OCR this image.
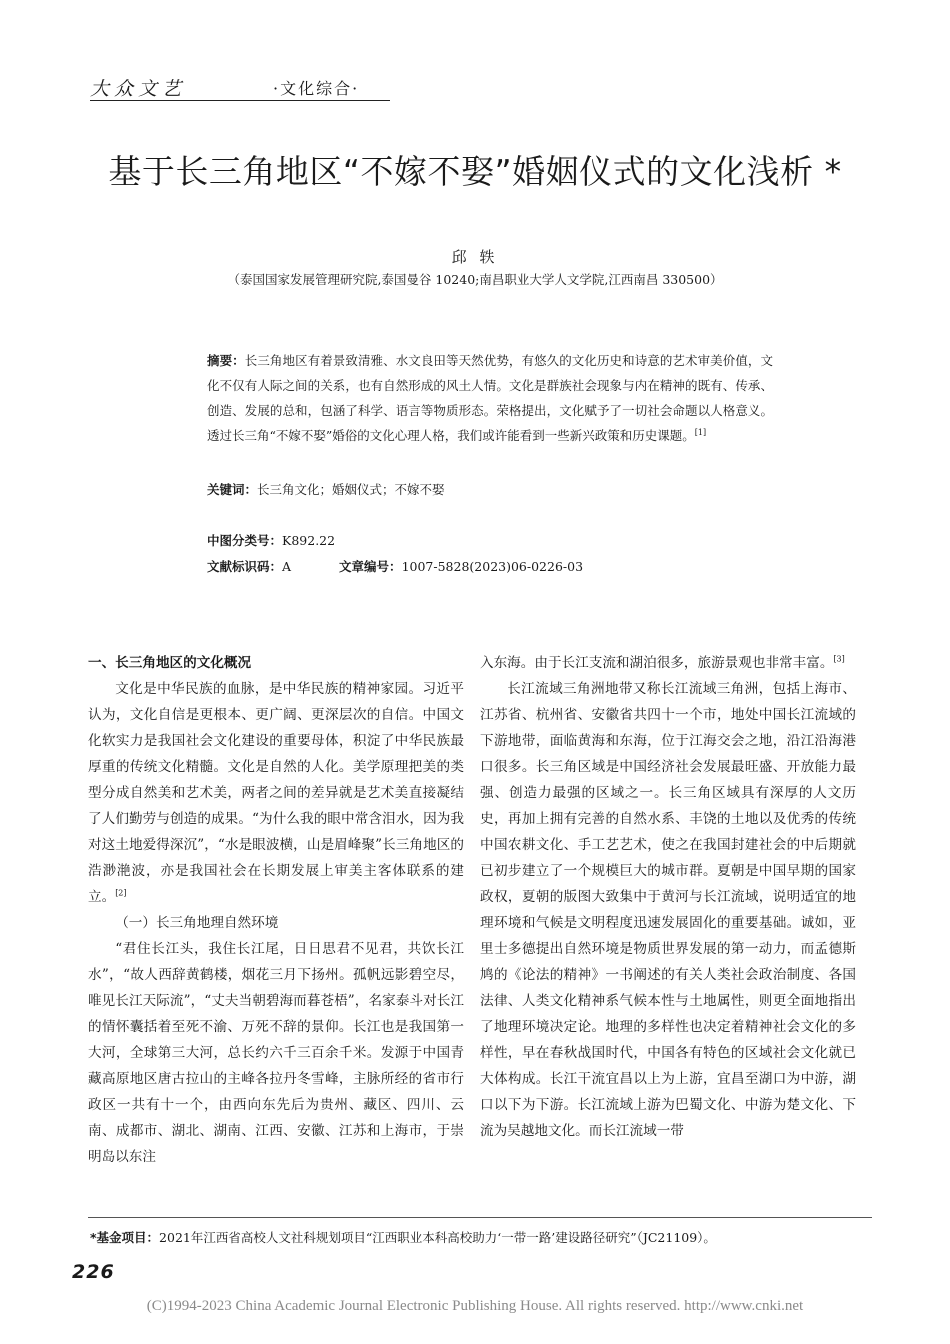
大众文艺	·文化综合·
基于长三角地区“不嫁不娶”婚姻仪式的文化浅析 *
邱 轶
（泰国国家发展管理研究院,泰国曼谷 10240;南昌职业大学人文学院,江西南昌 330500）
摘要：长三角地区有着景致清雅、水文良田等天然优势，有悠久的文化历史和诗意的艺术审美价值，文化不仅有人际之间的关系，也有自然形成的风土人情。文化是群族社会现象与内在精神的既有、传承、创造、发展的总和，包涵了科学、语言等物质形态。荣格提出，文化赋予了一切社会命题以人格意义。透过长三角“不嫁不娶”婚俗的文化心理人格，我们或许能看到一些新兴政策和历史课题。[1]
关键词：长三角文化；婚姻仪式；不嫁不娶
中图分类号：K892.22
文献标识码：A	文章编号：1007-5828(2023)06-0226-03
一、长三角地区的文化概况

文化是中华民族的血脉，是中华民族的精神家园。习近平认为，文化自信是更根本、更广阔、更深层次的自信。中国文化软实力是我国社会文化建设的重要母体，积淀了中华民族最厚重的传统文化精髓。文化是自然的人化。美学原理把美的类型分成自然美和艺术美，两者之间的差异就是艺术美直接凝结了人们勤劳与创造的成果。“为什么我的眼中常含泪水，因为我对这土地爱得深沉”，“水是眼波横，山是眉峰聚”长三角地区的浩渺滟波，亦是我国社会在长期发展上审美主客体联系的建立。[2]

（一）长三角地理自然环境

“君住长江头，我住长江尾，日日思君不见君，共饮长江水”，“故人西辞黄鹤楼，烟花三月下扬州。孤帆远影碧空尽，唯见长江天际流”，“丈夫当朝碧海而暮苍梧”，名家泰斗对长江的情怀囊括着至死不渝、万死不辞的景仰。长江也是我国第一大河，全球第三大河，总长约六千三百余千米。发源于中国青藏高原地区唐古拉山的主峰各拉丹冬雪峰，主脉所经的省市行政区一共有十一个，由西向东先后为贵州、藏区、四川、云南、成都市、湖北、湖南、江西、安徽、江苏和上海市，于崇明岛以东注

入东海。由于长江支流和湖泊很多，旅游景观也非常丰富。[3]

长江流域三角洲地带又称长江流域三角洲，包括上海市、江苏省、杭州省、安徽省共四十一个市，地处中国长江流域的下游地带，面临黄海和东海，位于江海交会之地，沿江沿海港口很多。长三角区域是中国经济社会发展最旺盛、开放能力最强、创造力最强的区域之一。长三角区域具有深厚的人文历史，再加上拥有完善的自然水系、丰饶的土地以及优秀的传统中国农耕文化、手工艺艺术，使之在我国封建社会的中后期就已初步建立了一个规模巨大的城市群。夏朝是中国早期的国家政权，夏朝的版图大致集中于黄河与长江流域，说明适宜的地理环境和气候是文明程度迅速发展固化的重要基础。诚如，亚里士多德提出自然环境是物质世界发展的第一动力，而孟德斯鸠的《论法的精神》一书阐述的有关人类社会政治制度、各国法律、人类文化精神系气候本性与土地属性，则更全面地指出了地理环境决定论。地理的多样性也决定着精神社会文化的多样性，早在春秋战国时代，中国各有特色的区域社会文化就已大体构成。长江干流宜昌以上为上游，宜昌至湖口为中游，湖口以下为下游。长江流域上游为巴蜀文化、中游为楚文化、下流为吴越地文化。而长江流域一带

*基金项目：2021年江西省高校人文社科规划项目“江西职业本科高校助力‘一带一路’建设路径研究”（JC21109）。
226
(C)1994-2023 China Academic Journal Electronic Publishing House. All rights reserved. http://www.cnki.net
